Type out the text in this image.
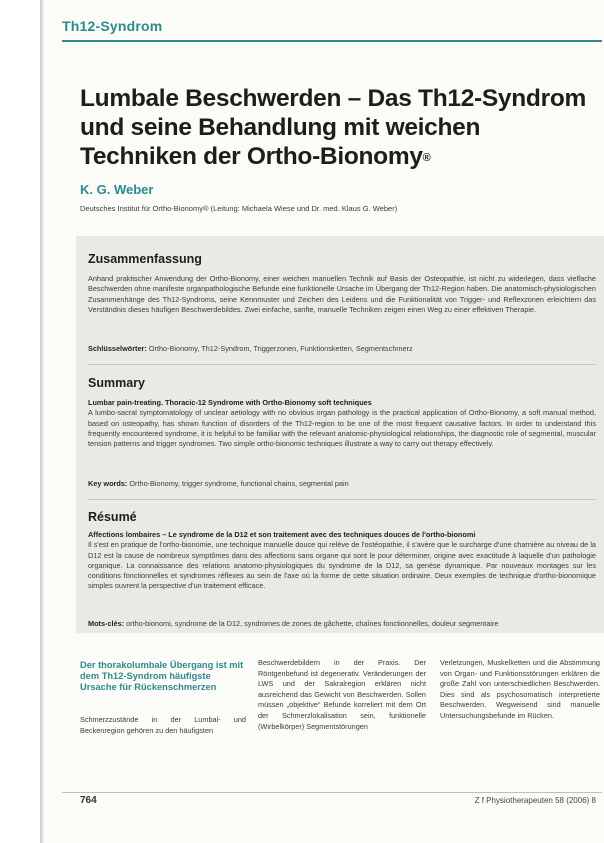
Th12-Syndrom
Lumbale Beschwerden – Das Th12-Syndrom und seine Behandlung mit weichen Techniken der Ortho-Bionomy®
K. G. Weber
Deutsches Institut für Ortho-Bionomy® (Leitung: Michaela Wiese und Dr. med. Klaus G. Weber)
Zusammenfassung

Anhand praktischer Anwendung der Ortho-Bionomy, einer weichen manuellen Technik auf Basis der Osteopathie, ist nicht zu widerlegen, dass vielfache Beschwerden ohne manifeste organpathologische Befunde eine funktionelle Ursache im Übergang der Th12-Region haben. Die anatomisch-physiologischen Zusammenhänge des Th12-Syndroms, seine Kennmuster und Zeichen des Leidens und die Funktionalität von Trigger- und Reflexzonen erleichtern das Verständnis dieses häufigen Beschwerdebildes. Zwei einfache, sanfte, manuelle Techniken zeigen einen Weg zu einer effektiven Therapie.

Schlüsselwörter: Ortho-Bionomy, Th12-Syndrom, Triggerzonen, Funktionsketten, Segmentschmerz

Summary

Lumbar pain-treating. Thoracic-12 Syndrome with Ortho-Bionomy soft techniques
A lumbo-sacral symptomatology of unclear aetiology with no obvious organ pathology is the practical application of Ortho-Bionomy, a soft manual method, based on osteopathy, has shown function of disorders of the Th12-region to be one of the most frequent causative factors. In order to understand this frequently encountered syndrome, it is helpful to be familiar with the relevant anatomic-physiological relationships, the diagnostic role of segmental, muscular tension patterns and trigger syndromes. Two simple ortho-bionomic techniques illustrate a way to carry out therapy effectively.

Key words: Ortho-Bionomy, trigger syndrome, functional chains, segmental pain

Résumé

Affections lombaires – Le syndrome de la D12 et son traitement avec des techniques douces de l'ortho-bionomi
Il s'est en pratique de l'ortho-bionomie, une technique manuelle douce qui relève de l'ostéopathie, il s'avère que le surcharge d'une charnière au niveau de la D12 est la cause de nombreux symptômes dans des affections sans organe qui sont le pour déterminer, origine avec exactitude à laquelle d'un pathologie organique. La connaissance des relations anatomo-physiologiques du syndrome de la D12, sa genèse dynamique. Par nouveaux montages sur les conditions fonctionnelles et syndromes réflexes au sein de l'axe où la forme de cette situation ordinaire. Deux exemples de technique d'ortho-bionomique simples ouvrent la perspective d'un traitement efficace.

Mots-clés: ortho-bionomi, syndrome de la D12, syndromes de zones de gâchette, chaînes fonctionnelles, douleur segmentaire

Der thorakolumbale Übergang ist mit dem Th12-Syndrom häufigste Ursache für Rückenschmerzen

Schmerzzustände in der Lumbal- und Beckenregion gehören zu den häufigsten

Beschwerdebildern in der Praxis. Der Röntgenbefund ist degenerativ. Veränderungen der LWS und der Sakralregion erklären nicht ausreichend das Gewicht von Beschwerden. Sollen müssen „objektive“ Befunde korreliert mit dem Ort der Schmerzlokalisation sein, funktionelle (Wirbelkörper) Segmentstörungen

Verletzungen, Muskelketten und die Abstimmung von Organ- und Funktionsstörungen erklären die große Zahl von unterschiedlichen Beschwerden. Dies sind als psychosomatisch interpretierte Beschwerden. Wegweisend sind manuelle Untersuchungsbefunde im Rücken.

764	Z f Physiotherapeuten 58 (2006) 8
